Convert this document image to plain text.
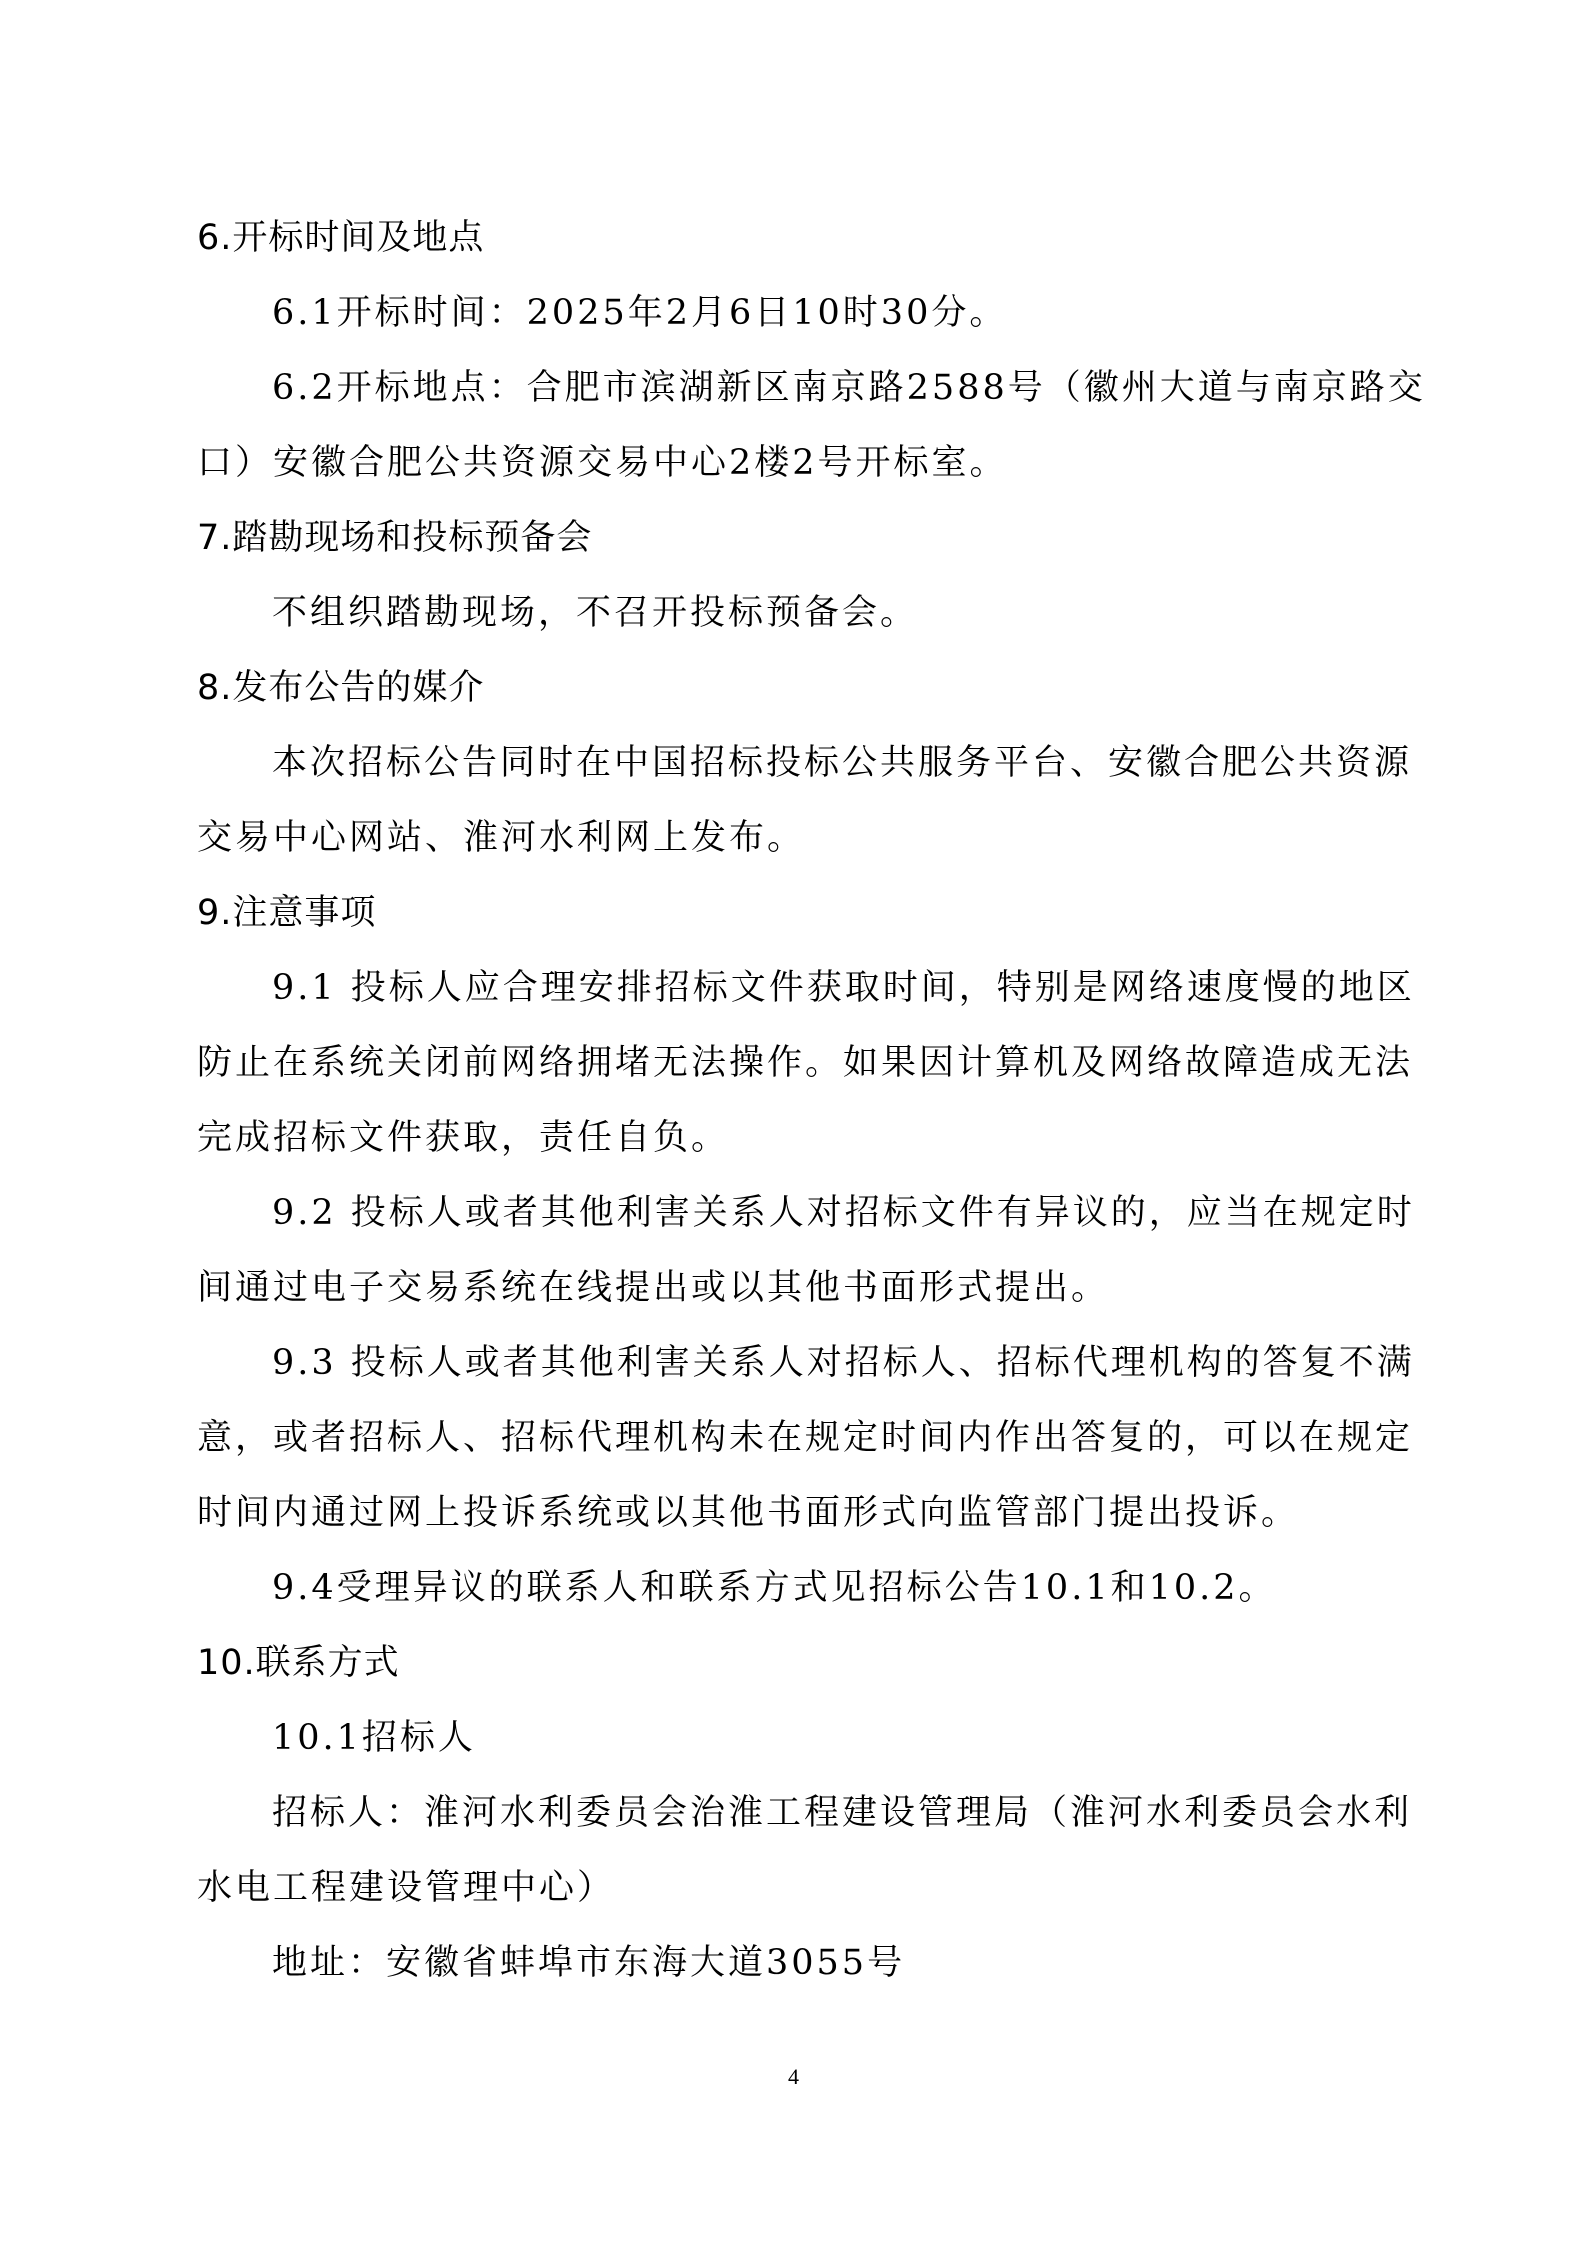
6.开标时间及地点
6.1开标时间：2025年2月6日10时30分。
6.2开标地点：合肥市滨湖新区南京路2588号（徽州大道与南京路交
口）安徽合肥公共资源交易中心2楼2号开标室。
7.踏勘现场和投标预备会
不组织踏勘现场，不召开投标预备会。
8.发布公告的媒介
本次招标公告同时在中国招标投标公共服务平台、安徽合肥公共资源
交易中心网站、淮河水利网上发布。
9.注意事项
9.1 投标人应合理安排招标文件获取时间，特别是网络速度慢的地区
防止在系统关闭前网络拥堵无法操作。如果因计算机及网络故障造成无法
完成招标文件获取，责任自负。
9.2 投标人或者其他利害关系人对招标文件有异议的，应当在规定时
间通过电子交易系统在线提出或以其他书面形式提出。
9.3 投标人或者其他利害关系人对招标人、招标代理机构的答复不满
意，或者招标人、招标代理机构未在规定时间内作出答复的，可以在规定
时间内通过网上投诉系统或以其他书面形式向监管部门提出投诉。
9.4受理异议的联系人和联系方式见招标公告10.1和10.2。
10.联系方式
10.1招标人
招标人：淮河水利委员会治淮工程建设管理局（淮河水利委员会水利
水电工程建设管理中心）
地址：安徽省蚌埠市东海大道3055号
4
